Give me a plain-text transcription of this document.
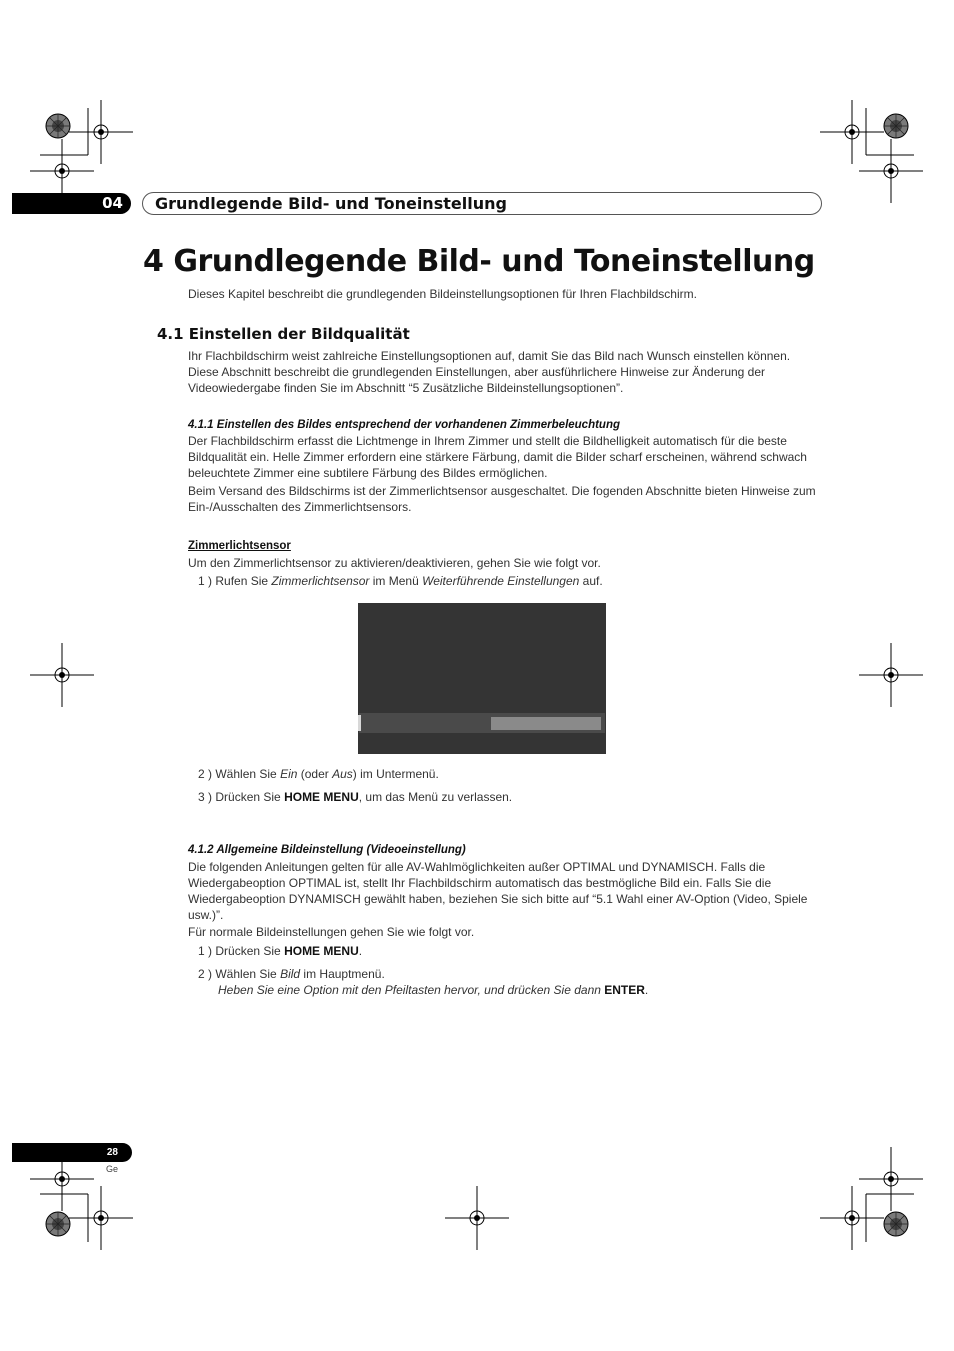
04	Grundlegende Bild- und Toneinstellung
4 Grundlegende Bild- und Toneinstellung
Dieses Kapitel beschreibt die grundlegenden Bildeinstellungsoptionen für Ihren Flachbildschirm.
4.1 Einstellen der Bildqualität
Ihr Flachbildschirm weist zahlreiche Einstellungsoptionen auf, damit Sie das Bild nach Wunsch einstellen können. Diese Abschnitt beschreibt die grundlegenden Einstellungen, aber ausführlichere Hinweise zur Änderung der Videowiedergabe finden Sie im Abschnitt “5 Zusätzliche Bildeinstellungsoptionen”.
4.1.1 Einstellen des Bildes entsprechend der vorhandenen Zimmerbeleuchtung
Der Flachbildschirm erfasst die Lichtmenge in Ihrem Zimmer und stellt die Bildhelligkeit automatisch für die beste Bildqualität ein. Helle Zimmer erfordern eine stärkere Färbung, damit die Bilder scharf erscheinen, während schwach beleuchtete Zimmer eine subtilere Färbung des Bildes ermöglichen.
Beim Versand des Bildschirms ist der Zimmerlichtsensor ausgeschaltet. Die fogenden Abschnitte bieten Hinweise zum Ein-/Ausschalten des Zimmerlichtsensors.
Zimmerlichtsensor
Um den Zimmerlichtsensor zu aktivieren/deaktivieren, gehen Sie wie folgt vor.
1 ) Rufen Sie Zimmerlichtsensor im Menü Weiterführende Einstellungen auf.
2 ) Wählen Sie Ein (oder Aus) im Untermenü.
3 ) Drücken Sie HOME MENU, um das Menü zu verlassen.
4.1.2 Allgemeine Bildeinstellung (Videoeinstellung)
Die folgenden Anleitungen gelten für alle AV-Wahlmöglichkeiten außer OPTIMAL und DYNAMISCH. Falls die Wiedergabeoption OPTIMAL ist, stellt Ihr Flachbildschirm automatisch das bestmögliche Bild ein. Falls Sie die Wiedergabeoption DYNAMISCH gewählt haben, beziehen Sie sich bitte auf “5.1 Wahl einer AV-Option (Video, Spiele usw.)”.
Für normale Bildeinstellungen gehen Sie wie folgt vor.
1 ) Drücken Sie HOME MENU.
2 ) Wählen Sie Bild im Hauptmenü.
Heben Sie eine Option mit den Pfeiltasten hervor, und drücken Sie dann ENTER.
28
Ge
